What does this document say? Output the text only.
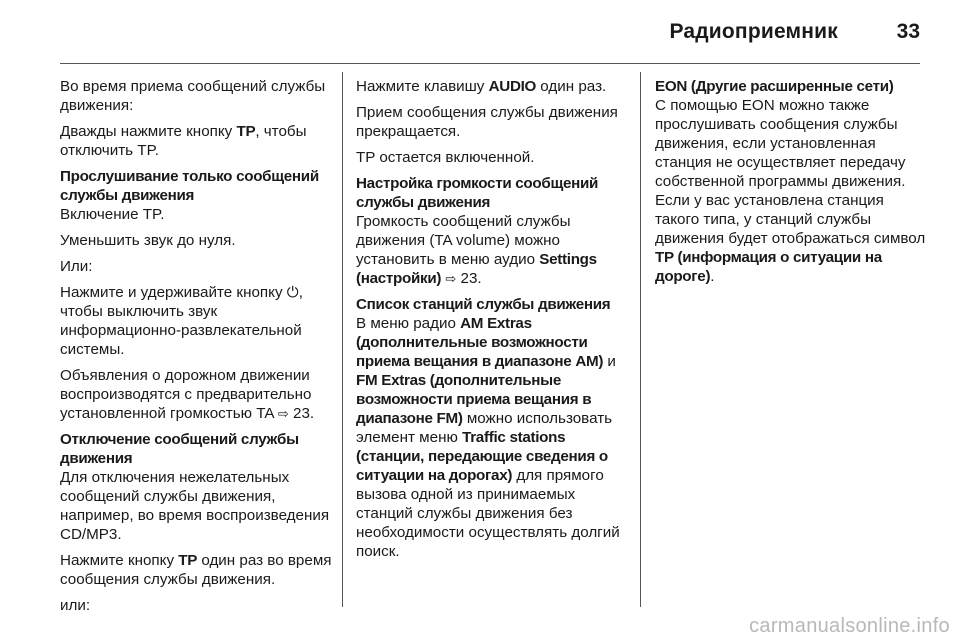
Радиоприемник	33

Во время приема сообщений службы движения:

Дважды нажмите кнопку TP, чтобы отключить TP.

Прослушивание только сообщений службы движения

Включение TP.

Уменьшить звук до нуля.

Или:

Нажмите и удерживайте кнопку ⏻, чтобы выключить звук информационно-развлекательной системы.

Объявления о дорожном движении воспроизводятся с предварительно установленной громкостью TA ⇨ 23.

Отключение сообщений службы движения

Для отключения нежелательных сообщений службы движения, например, во время воспроизведения CD/MP3.

Нажмите кнопку TP один раз во время сообщения службы движения.

или:

Нажмите клавишу AUDIO один раз.

Прием сообщения службы движения прекращается.

TP остается включенной.

Настройка громкости сообщений службы движения

Громкость сообщений службы движения (TA volume) можно установить в меню аудио Settings (настройки) ⇨ 23.

Список станций службы движения

В меню радио AM Extras (дополнительные возможности приема вещания в диапазоне AM) и FM Extras (дополнительные возможности приема вещания в диапазоне FM) можно использовать элемент меню Traffic stations (станции, передающие сведения о ситуации на дорогах) для прямого вызова одной из принимаемых станций службы движения без необходимости осуществлять долгий поиск.

EON (Другие расширенные сети)

С помощью EON можно также прослушивать сообщения службы движения, если установленная станция не осуществляет передачу собственной программы движения. Если у вас установлена станция такого типа, у станций службы движения будет отображаться символ TP (информация о ситуации на дороге).

carmanualsonline.info
